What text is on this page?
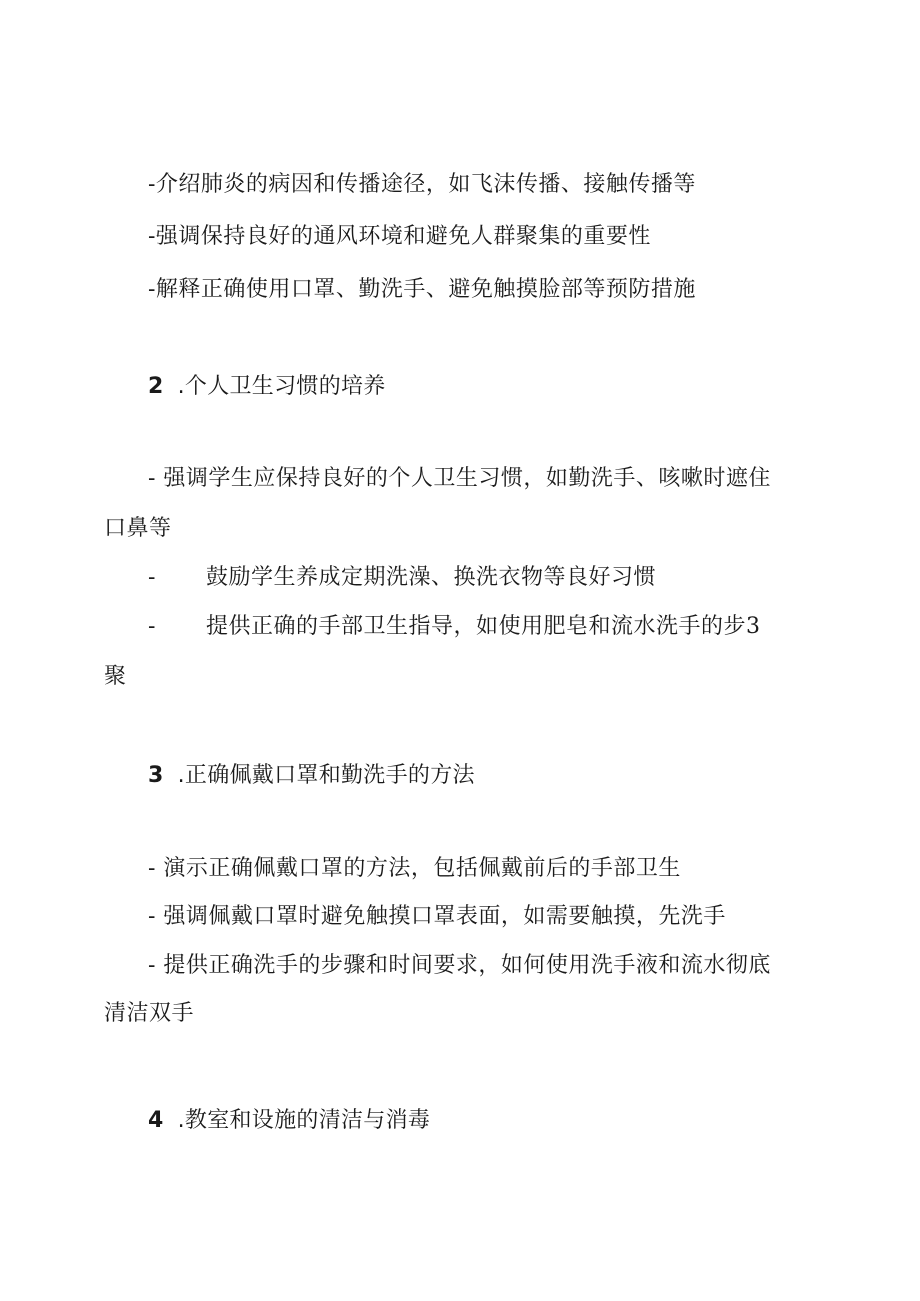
-介绍肺炎的病因和传播途径，如飞沫传播、接触传播等
-强调保持良好的通风环境和避免人群聚集的重要性
-解释正确使用口罩、勤洗手、避免触摸脸部等预防措施
2 .个人卫生习惯的培养
- 强调学生应保持良好的个人卫生习惯，如勤洗手、咳嗽时遮住
口鼻等
- 鼓励学生养成定期洗澡、换洗衣物等良好习惯
- 提供正确的手部卫生指导，如使用肥皂和流水洗手的步3
聚
3 .正确佩戴口罩和勤洗手的方法
- 演示正确佩戴口罩的方法，包括佩戴前后的手部卫生
- 强调佩戴口罩时避免触摸口罩表面，如需要触摸，先洗手
- 提供正确洗手的步骤和时间要求，如何使用洗手液和流水彻底
清洁双手
4 .教室和设施的清洁与消毒
